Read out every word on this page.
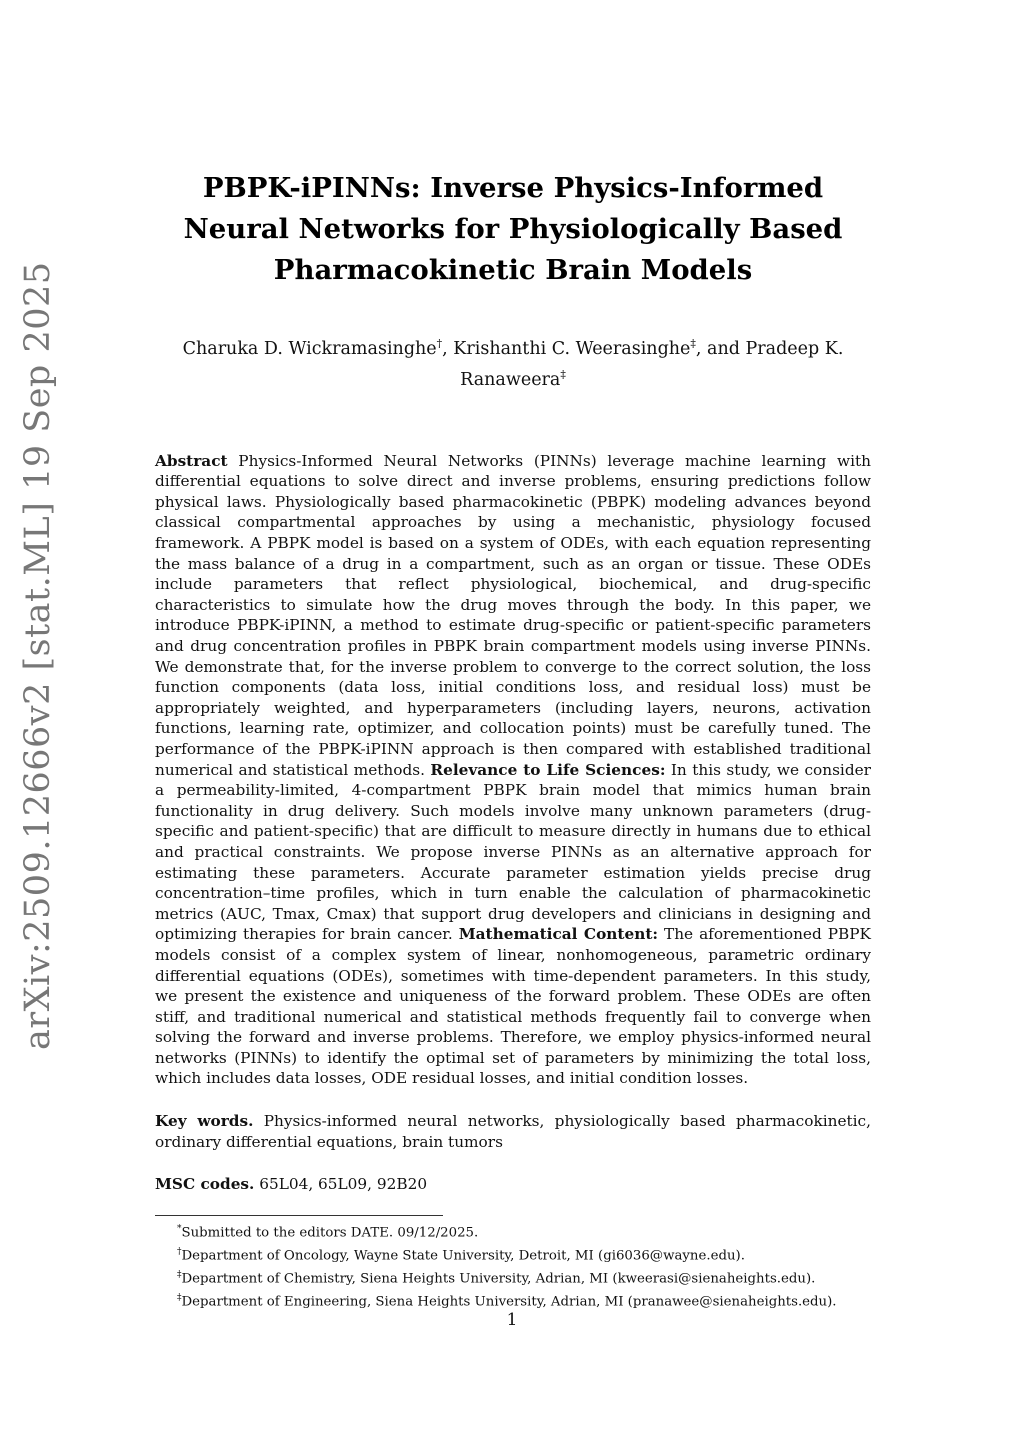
arXiv:2509.12666v2 [stat.ML] 19 Sep 2025
PBPK-iPINNs: Inverse Physics-Informed Neural Networks for Physiologically Based Pharmacokinetic Brain Models
Charuka D. Wickramasinghe†, Krishanthi C. Weerasinghe‡, and Pradeep K. Ranaweera‡
Abstract Physics-Informed Neural Networks (PINNs) leverage machine learning with differential equations to solve direct and inverse problems, ensuring predictions follow physical laws. Physiologically based pharmacokinetic (PBPK) modeling advances beyond classical compartmental approaches by using a mechanistic, physiology focused framework. A PBPK model is based on a system of ODEs, with each equation representing the mass balance of a drug in a compartment, such as an organ or tissue. These ODEs include parameters that reflect physiological, biochemical, and drug-specific characteristics to simulate how the drug moves through the body. In this paper, we introduce PBPK-iPINN, a method to estimate drug-specific or patient-specific parameters and drug concentration profiles in PBPK brain compartment models using inverse PINNs. We demonstrate that, for the inverse problem to converge to the correct solution, the loss function components (data loss, initial conditions loss, and residual loss) must be appropriately weighted, and hyperparameters (including layers, neurons, activation functions, learning rate, optimizer, and collocation points) must be carefully tuned. The performance of the PBPK-iPINN approach is then compared with established traditional numerical and statistical methods. Relevance to Life Sciences: In this study, we consider a permeability-limited, 4-compartment PBPK brain model that mimics human brain functionality in drug delivery. Such models involve many unknown parameters (drug-specific and patient-specific) that are difficult to measure directly in humans due to ethical and practical constraints. We propose inverse PINNs as an alternative approach for estimating these parameters. Accurate parameter estimation yields precise drug concentration–time profiles, which in turn enable the calculation of pharmacokinetic metrics (AUC, Tmax, Cmax) that support drug developers and clinicians in designing and optimizing therapies for brain cancer. Mathematical Content: The aforementioned PBPK models consist of a complex system of linear, nonhomogeneous, parametric ordinary differential equations (ODEs), sometimes with time-dependent parameters. In this study, we present the existence and uniqueness of the forward problem. These ODEs are often stiff, and traditional numerical and statistical methods frequently fail to converge when solving the forward and inverse problems. Therefore, we employ physics-informed neural networks (PINNs) to identify the optimal set of parameters by minimizing the total loss, which includes data losses, ODE residual losses, and initial condition losses.
Key words. Physics-informed neural networks, physiologically based pharmacokinetic, ordinary differential equations, brain tumors
MSC codes. 65L04, 65L09, 92B20
*Submitted to the editors DATE. 09/12/2025.
†Department of Oncology, Wayne State University, Detroit, MI (gi6036@wayne.edu).
‡Department of Chemistry, Siena Heights University, Adrian, MI (kweerasi@sienaheights.edu).
‡Department of Engineering, Siena Heights University, Adrian, MI (pranawee@sienaheights.edu).
1
